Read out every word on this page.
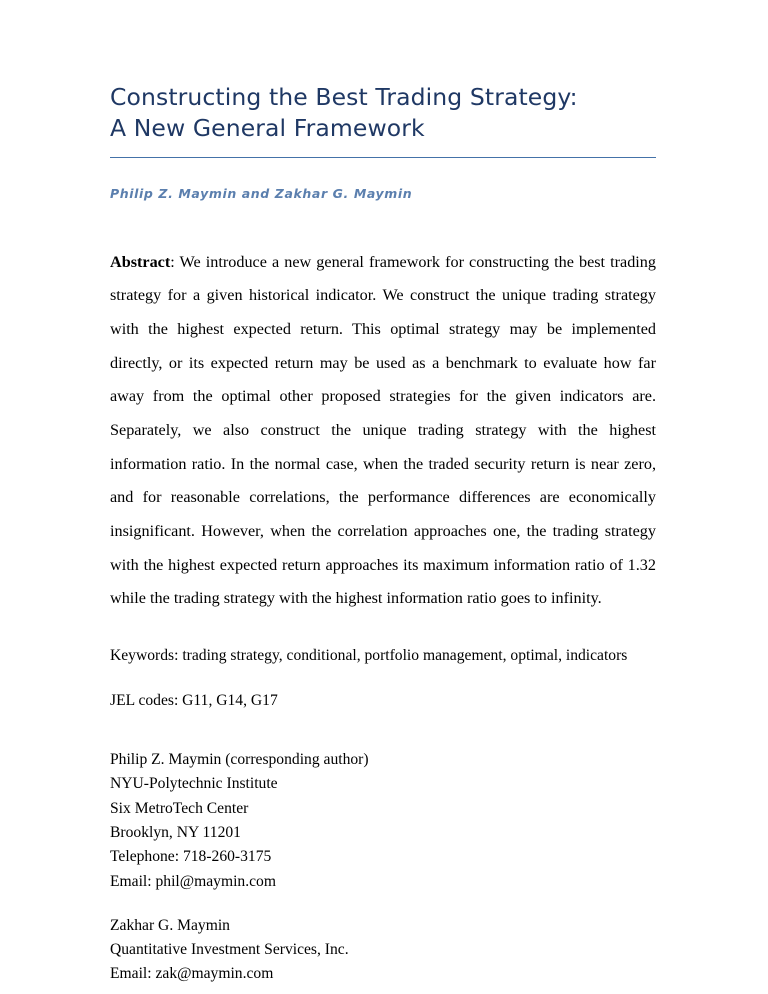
Constructing the Best Trading Strategy:
A New General Framework
Philip Z. Maymin and Zakhar G. Maymin

Abstract: We introduce a new general framework for constructing the best trading strategy for a given historical indicator. We construct the unique trading strategy with the highest expected return. This optimal strategy may be implemented directly, or its expected return may be used as a benchmark to evaluate how far away from the optimal other proposed strategies for the given indicators are. Separately, we also construct the unique trading strategy with the highest information ratio. In the normal case, when the traded security return is near zero, and for reasonable correlations, the performance differences are economically insignificant. However, when the correlation approaches one, the trading strategy with the highest expected return approaches its maximum information ratio of 1.32 while the trading strategy with the highest information ratio goes to infinity.

Keywords: trading strategy, conditional, portfolio management, optimal, indicators

JEL codes: G11, G14, G17

Philip Z. Maymin (corresponding author)
NYU-Polytechnic Institute
Six MetroTech Center
Brooklyn, NY 11201
Telephone: 718-260-3175
Email: phil@maymin.com
Zakhar G. Maymin
Quantitative Investment Services, Inc.
Email: zak@maymin.com
